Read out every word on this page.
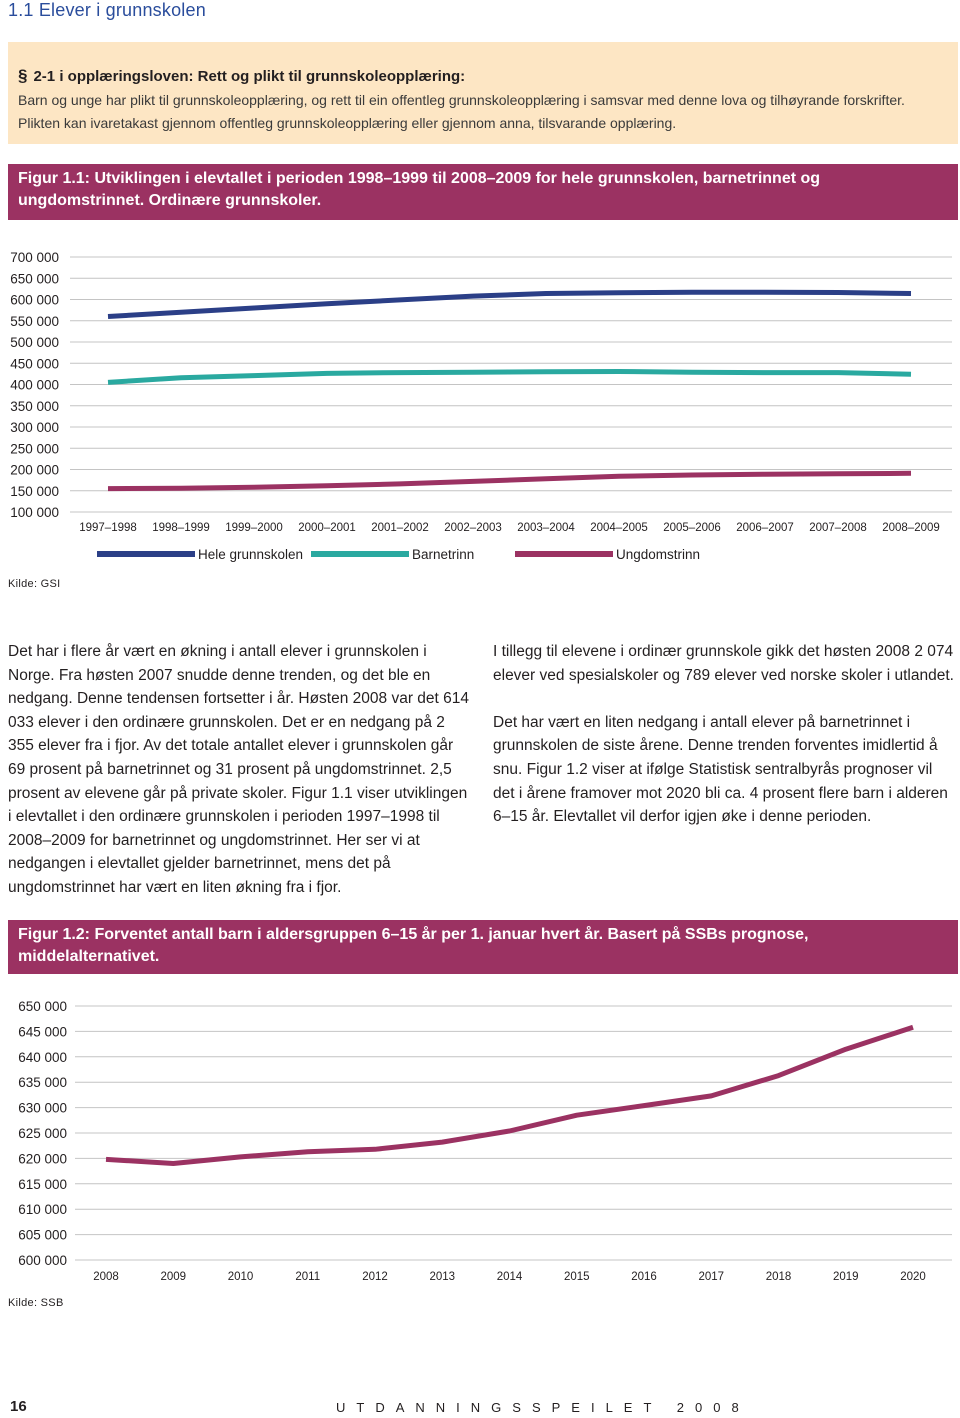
1.1 Elever i grunnskolen
§ 2-1 i opplæringsloven: Rett og plikt til grunnskoleopplæring:
Barn og unge har plikt til grunnskoleopplæring, og rett til ein offentleg grunnskoleopplæring i samsvar med denne lova og tilhøyrande forskrifter. Plikten kan ivaretakast gjennom offentleg grunnskoleopplæring eller gjennom anna, tilsvarande opplæring.
Figur 1.1: Utviklingen i elevtallet i perioden 1998–1999 til 2008–2009 for hele grunnskolen, barnetrinnet og ungdomstrinnet. Ordinære grunnskoler.
100 000
150 000
200 000
250 000
300 000
350 000
400 000
450 000
500 000
550 000
600 000
650 000
700 000
1997–1998 1998–1999 1999–2000 2000–2001 2001–2002 2002–2003 2003–2004 2004–2005 2005–2006 2006–2007 2007–2008 2008–2009
Hele grunnskolen	Barnetrinn	Ungdomstrinn
Kilde: GSI

Det har i flere år vært en økning i antall elever i grunnskolen i Norge. Fra høsten 2007 snudde denne trenden, og det ble en nedgang. Denne tendensen fortsetter i år. Høsten 2008 var det 614 033 elever i den ordinære grunnskolen. Det er en nedgang på 2 355 elever fra i fjor. Av det totale antallet elever i grunnskolen går 69 prosent på barnetrinnet og 31 prosent på ungdomstrinnet. 2,5 prosent av elevene går på private skoler. Figur 1.1 viser utviklingen i elevtallet i den ordinære grunnskolen i perioden 1997–1998 til 2008–2009 for barnetrinnet og ungdomstrinnet. Her ser vi at nedgangen i elevtallet gjelder barnetrinnet, mens det på ungdomstrinnet har vært en liten økning fra i fjor.

I tillegg til elevene i ordinær grunnskole gikk det høsten 2008 2 074 elever ved spesialskoler og 789 elever ved norske skoler i utlandet.

Det har vært en liten nedgang i antall elever på barnetrinnet i grunnskolen de siste årene. Denne trenden forventes imidlertid å snu. Figur 1.2 viser at ifølge Statistisk sentralbyrås prognoser vil det i årene framover mot 2020 bli ca. 4 prosent flere barn i alderen 6–15 år. Elevtallet vil derfor igjen øke i denne perioden.

Figur 1.2: Forventet antall barn i aldersgruppen 6–15 år per 1. januar hvert år. Basert på SSBs prognose, middelalternativet.
600 000
605 000
610 000
615 000
620 000
625 000
630 000
635 000
640 000
645 000
650 000
2008	2009	2010	2011	2012	2013	2014	2015	2016	2017	2018	2019	2020
Kilde: SSB
16	UTDANNINGSSPEILET 2008
